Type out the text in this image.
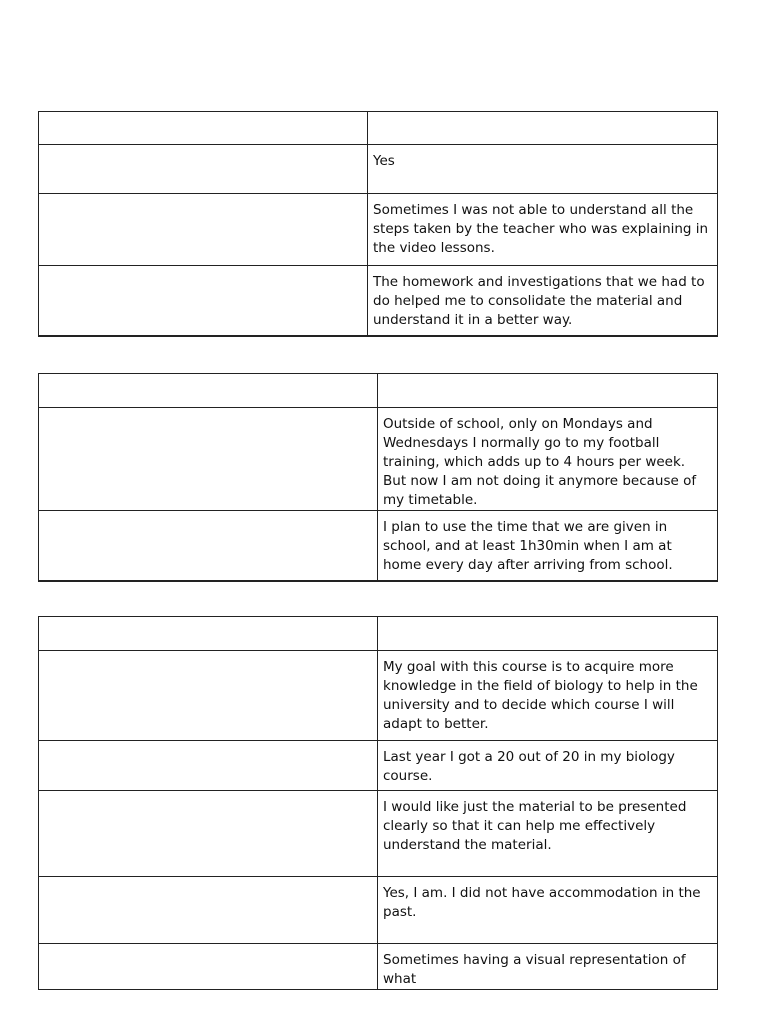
	Yes

	Sometimes I was not able to understand all the steps taken by the teacher who was explaining in the video lessons.

	The homework and investigations that we had to do helped me to consolidate the material and understand it in a better way.

	Outside of school, only on Mondays and Wednesdays I normally go to my football training, which adds up to 4 hours per week. But now I am not doing it anymore because of my timetable.

	I plan to use the time that we are given in school, and at least 1h30min when I am at home every day after arriving from school.

	My goal with this course is to acquire more knowledge in the field of biology to help in the university and to decide which course I will adapt to better.

	Last year I got a 20 out of 20 in my biology course.

	I would like just the material to be presented clearly so that it can help me effectively understand the material.

	Yes, I am. I did not have accommodation in the past.

	Sometimes having a visual representation of what
